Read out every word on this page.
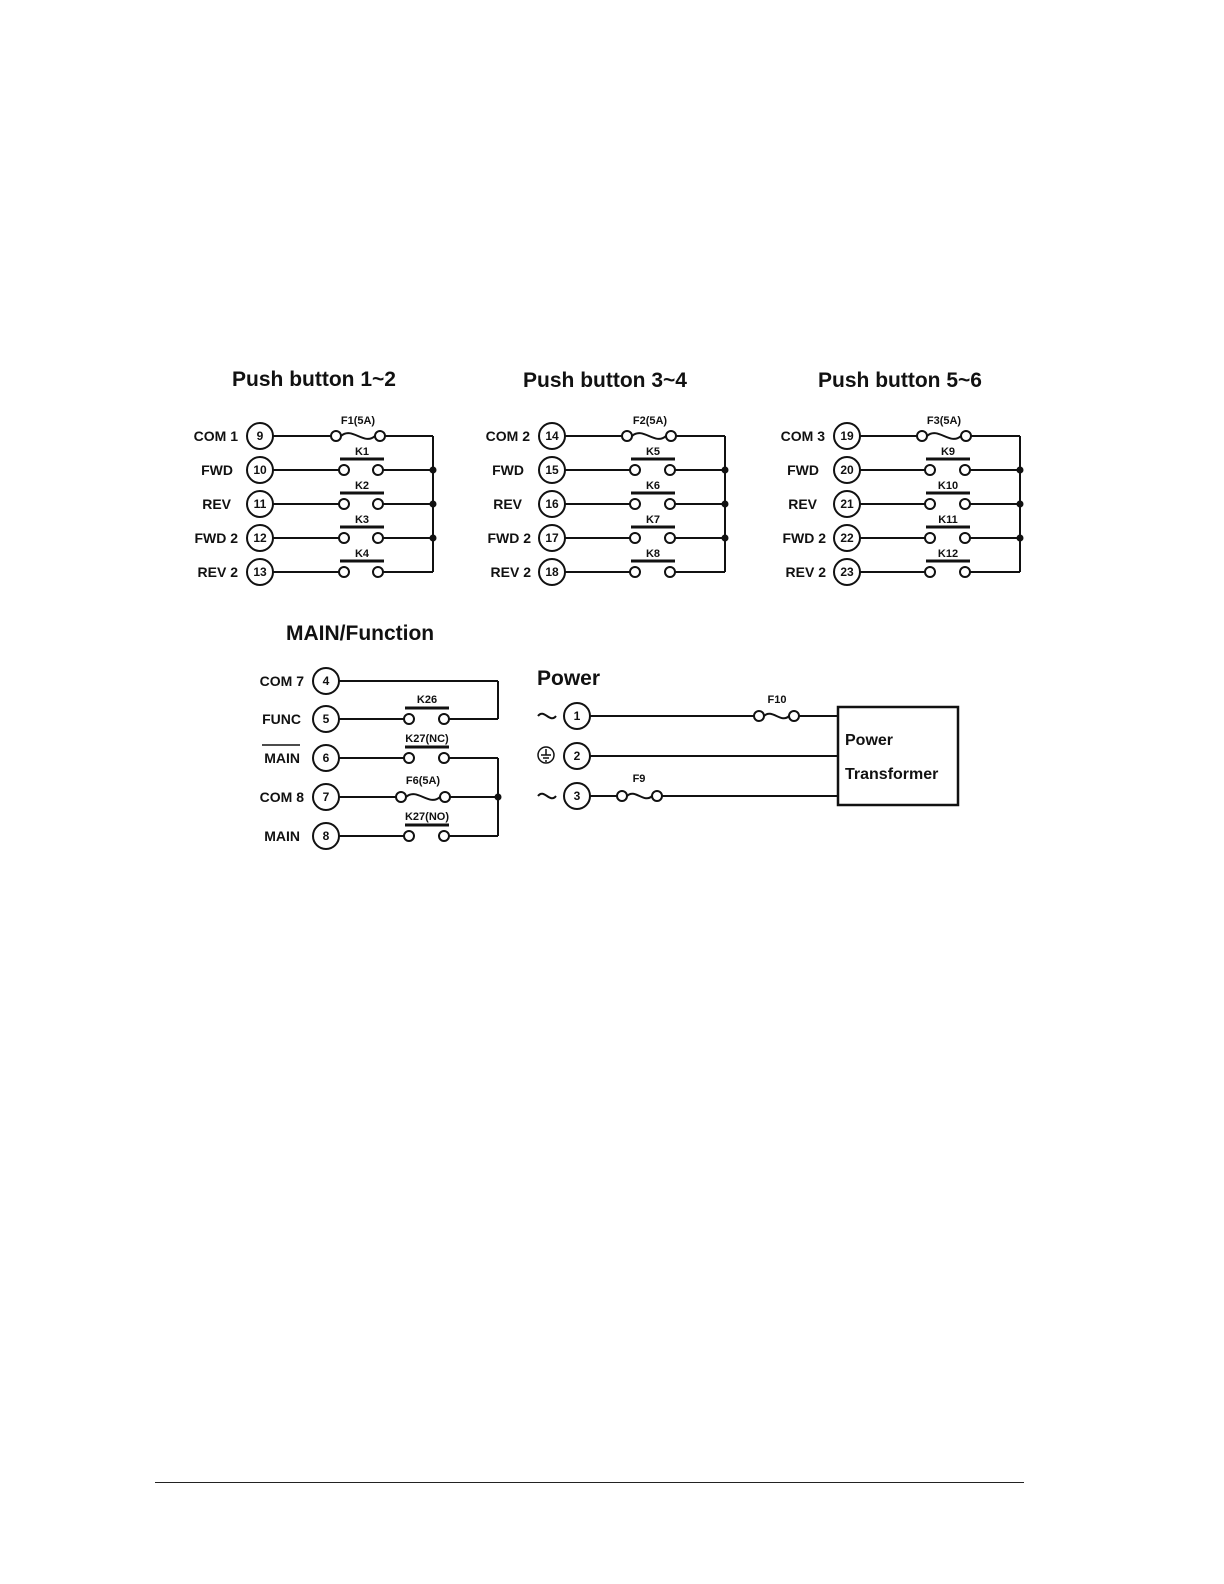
Push button 1~2
F1(5A)
COM 1 9
FWD 10
K1
REV 11
K2
FWD 2 12
K3
REV 2 13
K4
Push button 3~4
F2(5A)
COM 2 14
FWD 15
K5
REV 16
K6
FWD 2 17
K7
REV 2 18
K8
Push button 5~6
F3(5A)
COM 3 19
FWD 20
K9
REV 21
K10
FWD 2 22
K11
REV 2 23
K12
MAIN/Function
COM 7 4
FUNC 5
K26
MAIN 6
K27(NC)
COM 8 7
F6(5A)
MAIN 8
K27(NO)
Power
1
F10
2
3
F9
Power
Transformer
